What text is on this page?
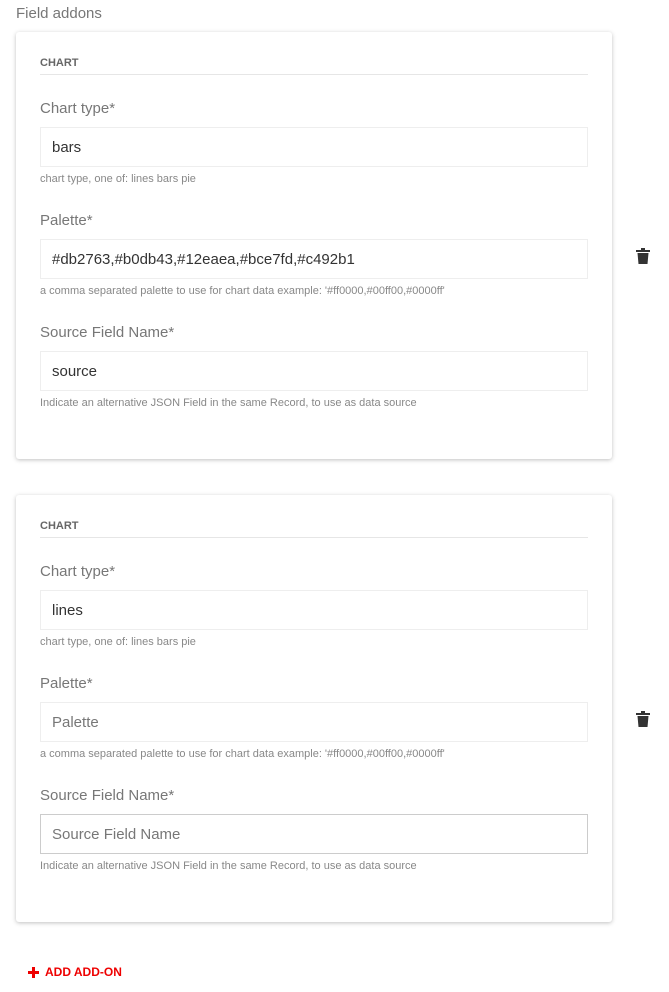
Field addons
CHART
Chart type*
bars
chart type, one of: lines bars pie
Palette*
#db2763,#b0db43,#12eaea,#bce7fd,#c492b1
a comma separated palette to use for chart data example: '#ff0000,#00ff00,#0000ff'
Source Field Name*
source
Indicate an alternative JSON Field in the same Record, to use as data source
CHART
Chart type*
lines
chart type, one of: lines bars pie
Palette*
Palette
a comma separated palette to use for chart data example: '#ff0000,#00ff00,#0000ff'
Source Field Name*
Source Field Name
Indicate an alternative JSON Field in the same Record, to use as data source
ADD ADD-ON
